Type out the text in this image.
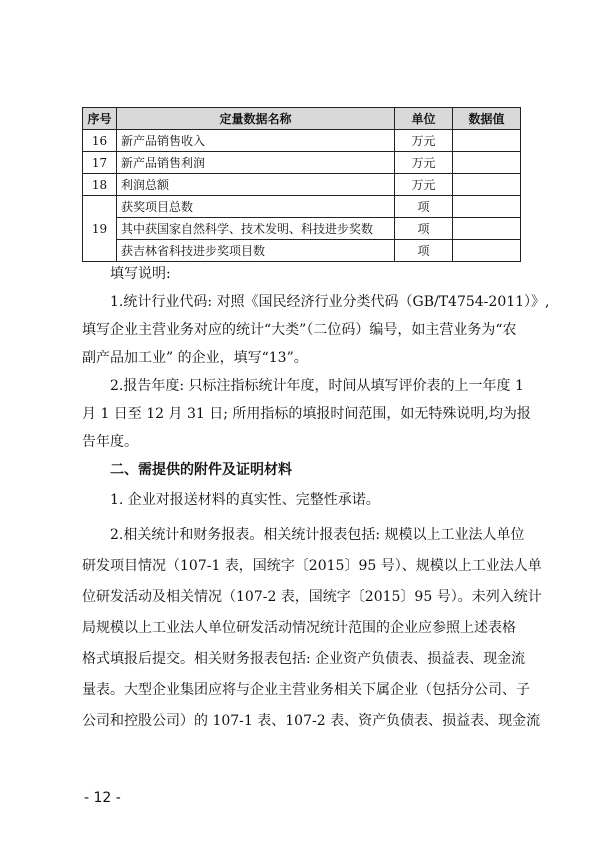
序号	定量数据名称	单位	数据值
16	新产品销售收入	万元	
17	新产品销售利润	万元	
18	利润总额	万元	
19	获奖项目总数	项	
	其中获国家自然科学、技术发明、科技进步奖数	项	
	获吉林省科技进步奖项目数	项	

填写说明:

1.统计行业代码: 对照《国民经济行业分类代码（GB/T4754-2011）》,
填写企业主营业务对应的统计“大类”（二位码）编号，如主营业务为“农
副产品加工业” 的企业，填写“13”。

2.报告年度: 只标注指标统计年度，时间从填写评价表的上一年度 1
月 1 日至 12 月 31 日; 所用指标的填报时间范围，如无特殊说明,均为报
告年度。

二、需提供的附件及证明材料

1. 企业对报送材料的真实性、完整性承诺。

2.相关统计和财务报表。相关统计报表包括: 规模以上工业法人单位
研发项目情况（107-1 表，国统字〔2015〕95 号）、规模以上工业法人单
位研发活动及相关情况（107-2 表，国统字〔2015〕95 号）。未列入统计
局规模以上工业法人单位研发活动情况统计范围的企业应参照上述表格
格式填报后提交。相关财务报表包括: 企业资产负债表、损益表、现金流
量表。大型企业集团应将与企业主营业务相关下属企业（包括分公司、子
公司和控股公司）的 107-1 表、107-2 表、资产负债表、损益表、现金流

- 12 -
